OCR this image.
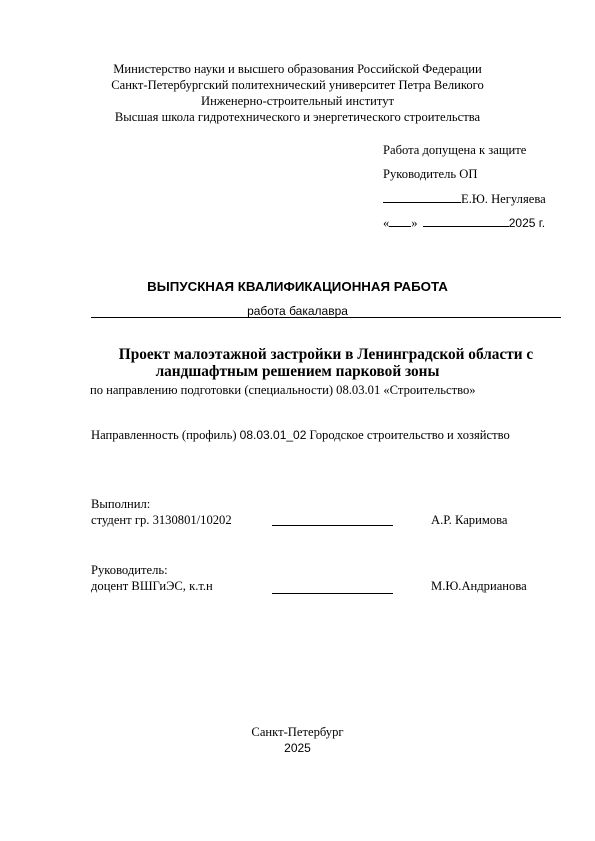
Министерство науки и высшего образования Российской Федерации
Санкт-Петербургский политехнический университет Петра Великого
Инженерно-строительный институт
Высшая школа гидротехнического и энергетического строительства
Работа допущена к защите
Руководитель ОП
Е.Ю. Негуляева
« »	2025 г.
ВЫПУСКНАЯ КВАЛИФИКАЦИОННАЯ РАБОТА
работа бакалавра
Проект малоэтажной застройки в Ленинградской области с
ландшафтным решением парковой зоны
по направлению подготовки (специальности) 08.03.01 «Строительство»
Направленность (профиль) 08.03.01_02 Городское строительство и хозяйство
Выполнил:
студент гр. 3130801/10202	А.Р. Каримова
Руководитель:
доцент ВШГиЭС, к.т.н	М.Ю.Андрианова
Санкт-Петербург
2025
